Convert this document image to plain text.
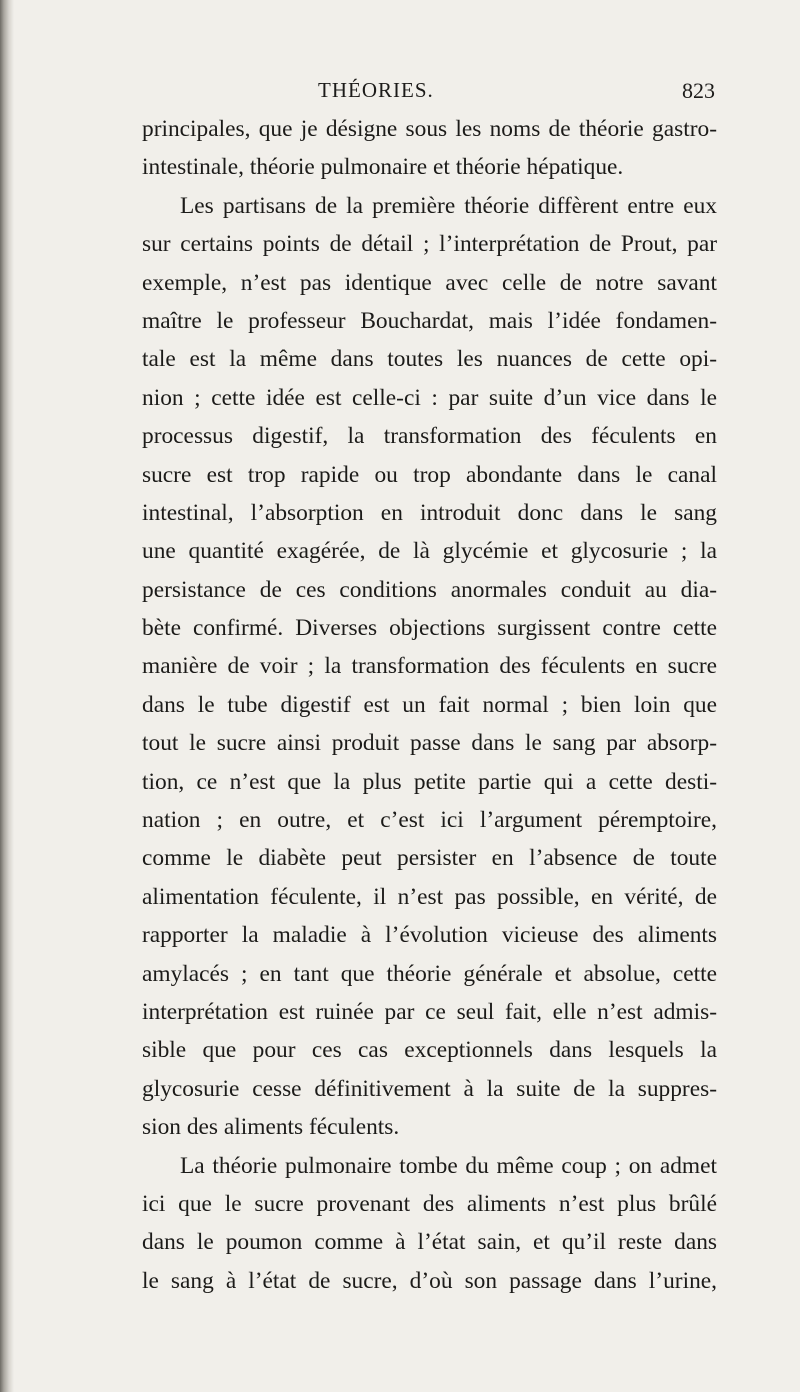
THÉORIES.	823
principales, que je désigne sous les noms de théorie gastro-
intestinale, théorie pulmonaire et théorie hépatique.
Les partisans de la première théorie diffèrent entre eux
sur certains points de détail ; l’interprétation de Prout, par
exemple, n’est pas identique avec celle de notre savant
maître le professeur Bouchardat, mais l’idée fondamen-
tale est la même dans toutes les nuances de cette opi-
nion ; cette idée est celle-ci : par suite d’un vice dans le
processus digestif, la transformation des féculents en
sucre est trop rapide ou trop abondante dans le canal
intestinal, l’absorption en introduit donc dans le sang
une quantité exagérée, de là glycémie et glycosurie ; la
persistance de ces conditions anormales conduit au dia-
bète confirmé. Diverses objections surgissent contre cette
manière de voir ; la transformation des féculents en sucre
dans le tube digestif est un fait normal ; bien loin que
tout le sucre ainsi produit passe dans le sang par absorp-
tion, ce n’est que la plus petite partie qui a cette desti-
nation ; en outre, et c’est ici l’argument péremptoire,
comme le diabète peut persister en l’absence de toute
alimentation féculente, il n’est pas possible, en vérité, de
rapporter la maladie à l’évolution vicieuse des aliments
amylacés ; en tant que théorie générale et absolue, cette
interprétation est ruinée par ce seul fait, elle n’est admis-
sible que pour ces cas exceptionnels dans lesquels la
glycosurie cesse définitivement à la suite de la suppres-
sion des aliments féculents.
La théorie pulmonaire tombe du même coup ; on admet
ici que le sucre provenant des aliments n’est plus brûlé
dans le poumon comme à l’état sain, et qu’il reste dans
le sang à l’état de sucre, d’où son passage dans l’urine,
